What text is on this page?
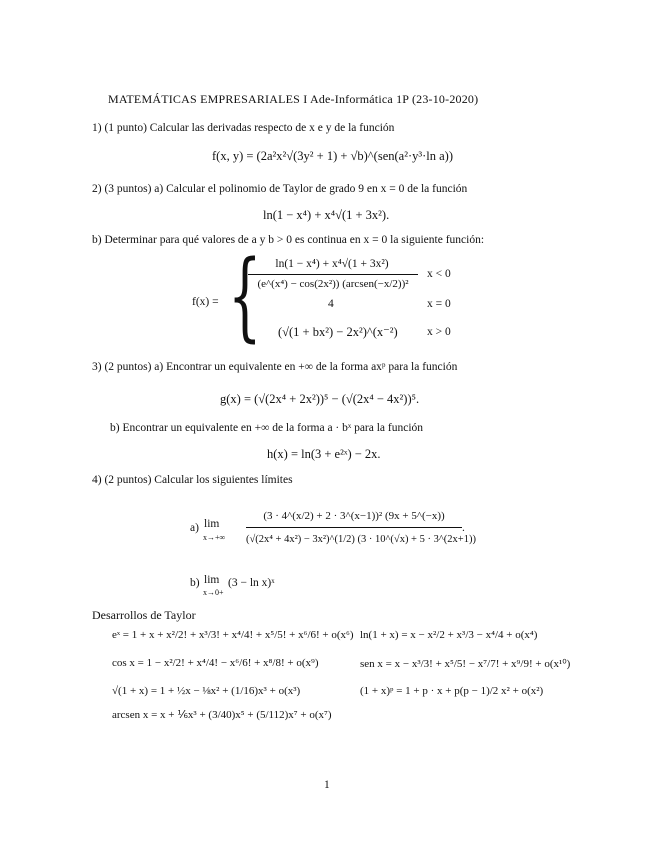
MATEMÁTICAS EMPRESARIALES I Ade-Informática 1P (23-10-2020)
1) (1 punto) Calcular las derivadas respecto de x e y de la función
f(x, y) = (2a²x²√(3y² + 1) + √b)^(sen(a²·y³·ln a))
2) (3 puntos) a) Calcular el polinomio de Taylor de grado 9 en x = 0 de la función
ln(1 − x⁴) + x⁴√(1 + 3x²).
b) Determinar para qué valores de a y b > 0 es continua en x = 0 la siguiente función:
f(x) = {	ln(1 − x⁴) + x⁴√(1 + 3x²)
(e^(x⁴) − cos(2x²)) (arcsen(−x/2))²
x < 0
4	x = 0
(√(1 + bx²) − 2x²)^(x⁻²)	x > 0
3) (2 puntos) a) Encontrar un equivalente en +∞ de la forma axᵖ para la función
g(x) = (√(2x⁴ + 2x²))⁵ − (√(2x⁴ − 4x²))⁵.
b) Encontrar un equivalente en +∞ de la forma a · bˣ para la función
h(x) = ln(3 + e²ˣ) − 2x.
4) (2 puntos) Calcular los siguientes límites
a) lim
x→+∞
(3 · 4^(x/2) + 2 · 3^(x−1))² (9x + 5^(−x))
(√(2x⁴ + 4x²) − 3x²)^(1/2) (3 · 10^(√x) + 5 · 3^(2x+1))
.
b) lim
x→0+
(3 − ln x)ˣ
Desarrollos de Taylor
eˣ = 1 + x + x²/2! + x³/3! + x⁴/4! + x⁵/5! + x⁶/6! + o(x⁶) ln(1 + x) = x − x²/2 + x³/3 − x⁴/4 + o(x⁴)
cos x = 1 − x²/2! + x⁴/4! − x⁶/6! + x⁸/8! + o(x⁹)	sen x = x − x³/3! + x⁵/5! − x⁷/7! + x⁹/9! + o(x¹⁰)
√(1 + x) = 1 + ½x − ⅛x² + (1/16)x³ + o(x³)	(1 + x)ᵖ = 1 + p · x + p(p − 1)/2 x² + o(x²)
arcsen x = x + ⅙x³ + (3/40)x⁵ + (5/112)x⁷ + o(x⁷)
1
